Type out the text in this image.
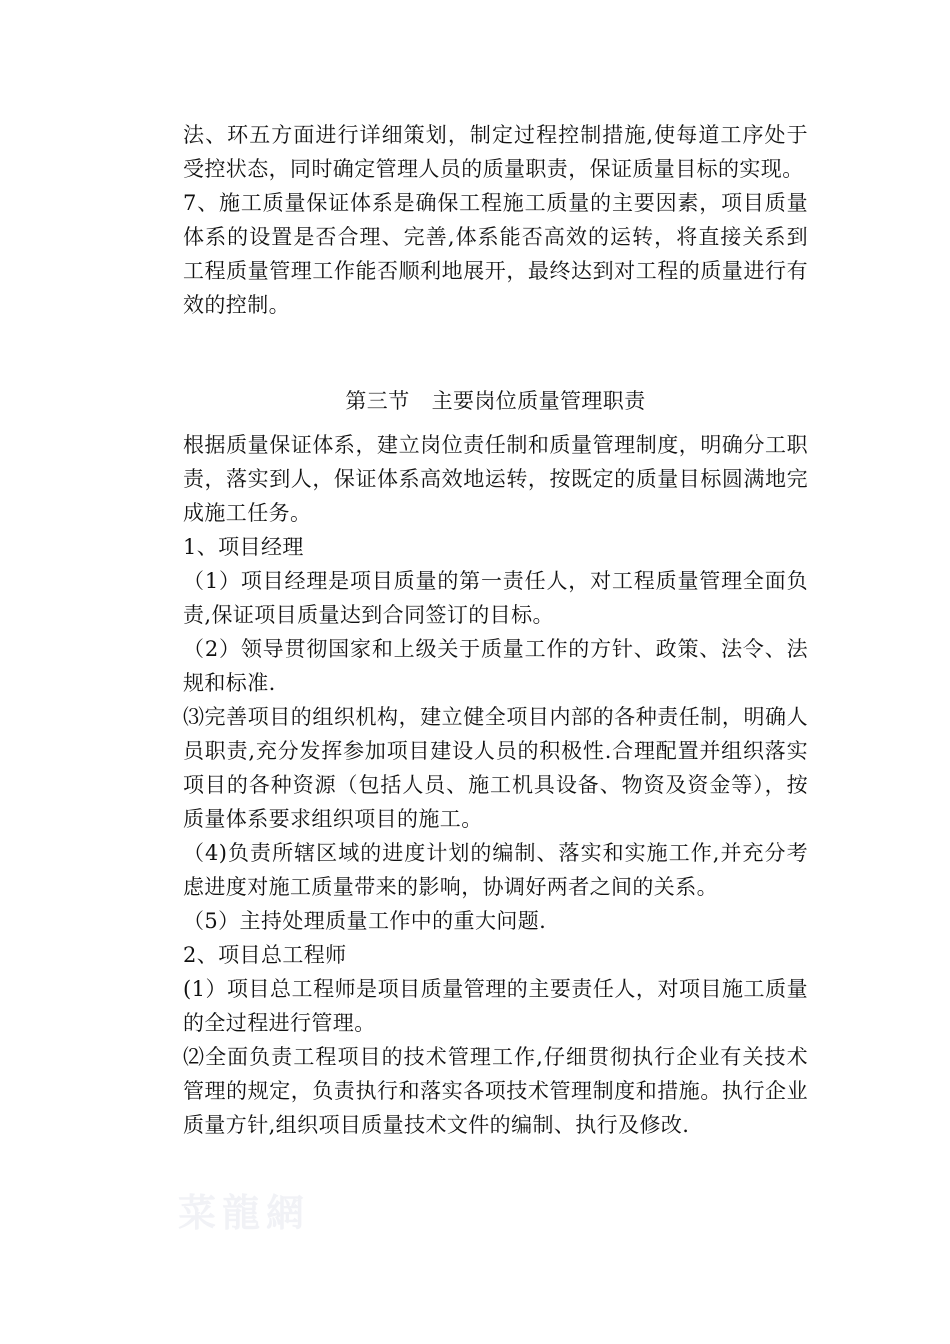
法、环五方面进行详细策划，制定过程控制措施,使每道工序处于受控状态，同时确定管理人员的质量职责，保证质量目标的实现。

7、施工质量保证体系是确保工程施工质量的主要因素，项目质量体系的设置是否合理、完善,体系能否高效的运转，将直接关系到工程质量管理工作能否顺利地展开，最终达到对工程的质量进行有效的控制。

第三节 主要岗位质量管理职责

根据质量保证体系，建立岗位责任制和质量管理制度，明确分工职责，落实到人，保证体系高效地运转，按既定的质量目标圆满地完成施工任务。

1、项目经理

（1）项目经理是项目质量的第一责任人，对工程质量管理全面负责,保证项目质量达到合同签订的目标。

（2）领导贯彻国家和上级关于质量工作的方针、政策、法令、法规和标准.

⑶完善项目的组织机构，建立健全项目内部的各种责任制，明确人员职责,充分发挥参加项目建设人员的积极性.合理配置并组织落实项目的各种资源（包括人员、施工机具设备、物资及资金等），按质量体系要求组织项目的施工。

（4)负责所辖区域的进度计划的编制、落实和实施工作,并充分考虑进度对施工质量带来的影响，协调好两者之间的关系。

（5）主持处理质量工作中的重大问题.

2、项目总工程师

(1）项目总工程师是项目质量管理的主要责任人，对项目施工质量的全过程进行管理。

⑵全面负责工程项目的技术管理工作,仔细贯彻执行企业有关技术管理的规定，负责执行和落实各项技术管理制度和措施。执行企业质量方针,组织项目质量技术文件的编制、执行及修改.

菜龍網
